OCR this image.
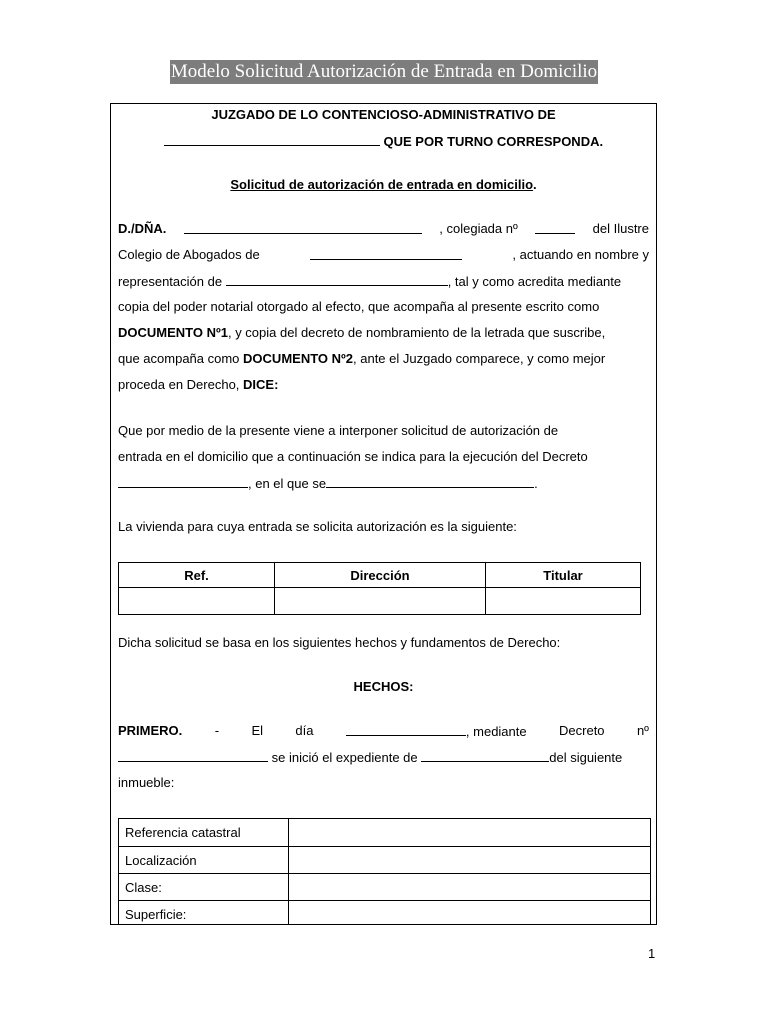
Modelo Solicitud Autorización de Entrada en Domicilio
JUZGADO DE LO CONTENCIOSO-ADMINISTRATIVO DE
QUE POR TURNO CORRESPONDA.
Solicitud de autorización de entrada en domicilio.
D./DÑA.	, colegiada nº	del Ilustre
Colegio de Abogados de	, actuando en nombre y
representación de	, tal y como acredita mediante
copia del poder notarial otorgado al efecto, que acompaña al presente escrito como
DOCUMENTO Nº1, y copia del decreto de nombramiento de la letrada que suscribe,
que acompaña como DOCUMENTO Nº2, ante el Juzgado comparece, y como mejor
proceda en Derecho, DICE:
Que por medio de la presente viene a interponer solicitud de autorización de
entrada en el domicilio que a continuación se indica para la ejecución del Decreto
, en el que se	.
La vivienda para cuya entrada se solicita autorización es la siguiente:
Ref.	Dirección	Titular

Dicha solicitud se basa en los siguientes hechos y fundamentos de Derecho:
HECHOS:
PRIMERO. - El día	, mediante Decreto nº
se inició el expediente de	del siguiente
inmueble:
Referencia catastral	
Localización	
Clase:	
Superficie:	
1
